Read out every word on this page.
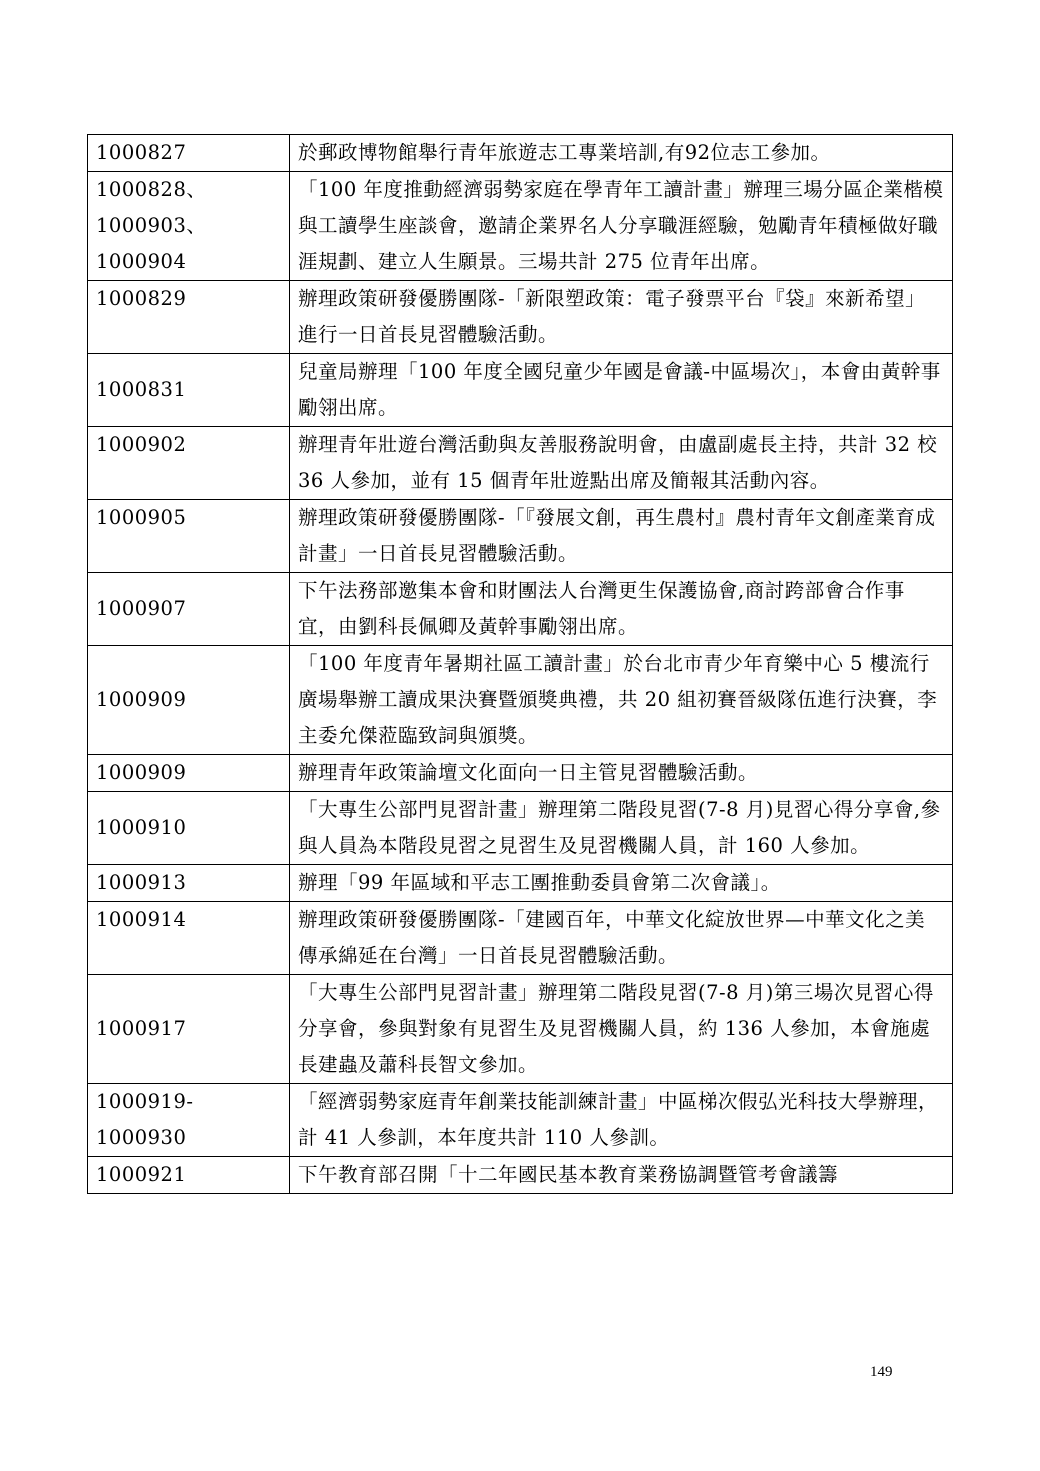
1000827	於郵政博物館舉行青年旅遊志工專業培訓,有92位志工參加。
1000828、1000903、1000904	「100 年度推動經濟弱勢家庭在學青年工讀計畫」辦理三場分區企業楷模與工讀學生座談會，邀請企業界名人分享職涯經驗，勉勵青年積極做好職涯規劃、建立人生願景。三場共計 275 位青年出席。
1000829	辦理政策研發優勝團隊-「新限塑政策：電子發票平台『袋』來新希望」進行一日首長見習體驗活動。
1000831	兒童局辦理「100 年度全國兒童少年國是會議-中區場次」，本會由黃幹事勵翎出席。
1000902	辦理青年壯遊台灣活動與友善服務說明會，由盧副處長主持，共計 32 校 36 人參加，並有 15 個青年壯遊點出席及簡報其活動內容。
1000905	辦理政策研發優勝團隊-「『發展文創，再生農村』農村青年文創產業育成計畫」一日首長見習體驗活動。
1000907	下午法務部邀集本會和財團法人台灣更生保護協會,商討跨部會合作事宜，由劉科長佩卿及黃幹事勵翎出席。
1000909	「100 年度青年暑期社區工讀計畫」於台北市青少年育樂中心 5 樓流行廣場舉辦工讀成果決賽暨頒獎典禮，共 20 組初賽晉級隊伍進行決賽，李主委允傑蒞臨致詞與頒獎。
1000909	辦理青年政策論壇文化面向一日主管見習體驗活動。
1000910	「大專生公部門見習計畫」辦理第二階段見習(7-8 月)見習心得分享會,參與人員為本階段見習之見習生及見習機關人員，計 160 人參加。
1000913	辦理「99 年區域和平志工團推動委員會第二次會議」。
1000914	辦理政策研發優勝團隊-「建國百年，中華文化綻放世界—中華文化之美傳承綿延在台灣」一日首長見習體驗活動。
1000917	「大專生公部門見習計畫」辦理第二階段見習(7-8 月)第三場次見習心得分享會，參與對象有見習生及見習機關人員，約 136 人參加，本會施處長建蟲及蕭科長智文參加。
1000919-1000930	「經濟弱勢家庭青年創業技能訓練計畫」中區梯次假弘光科技大學辦理，計 41 人參訓，本年度共計 110 人參訓。
1000921	下午教育部召開「十二年國民基本教育業務協調暨管考會議籌
149
